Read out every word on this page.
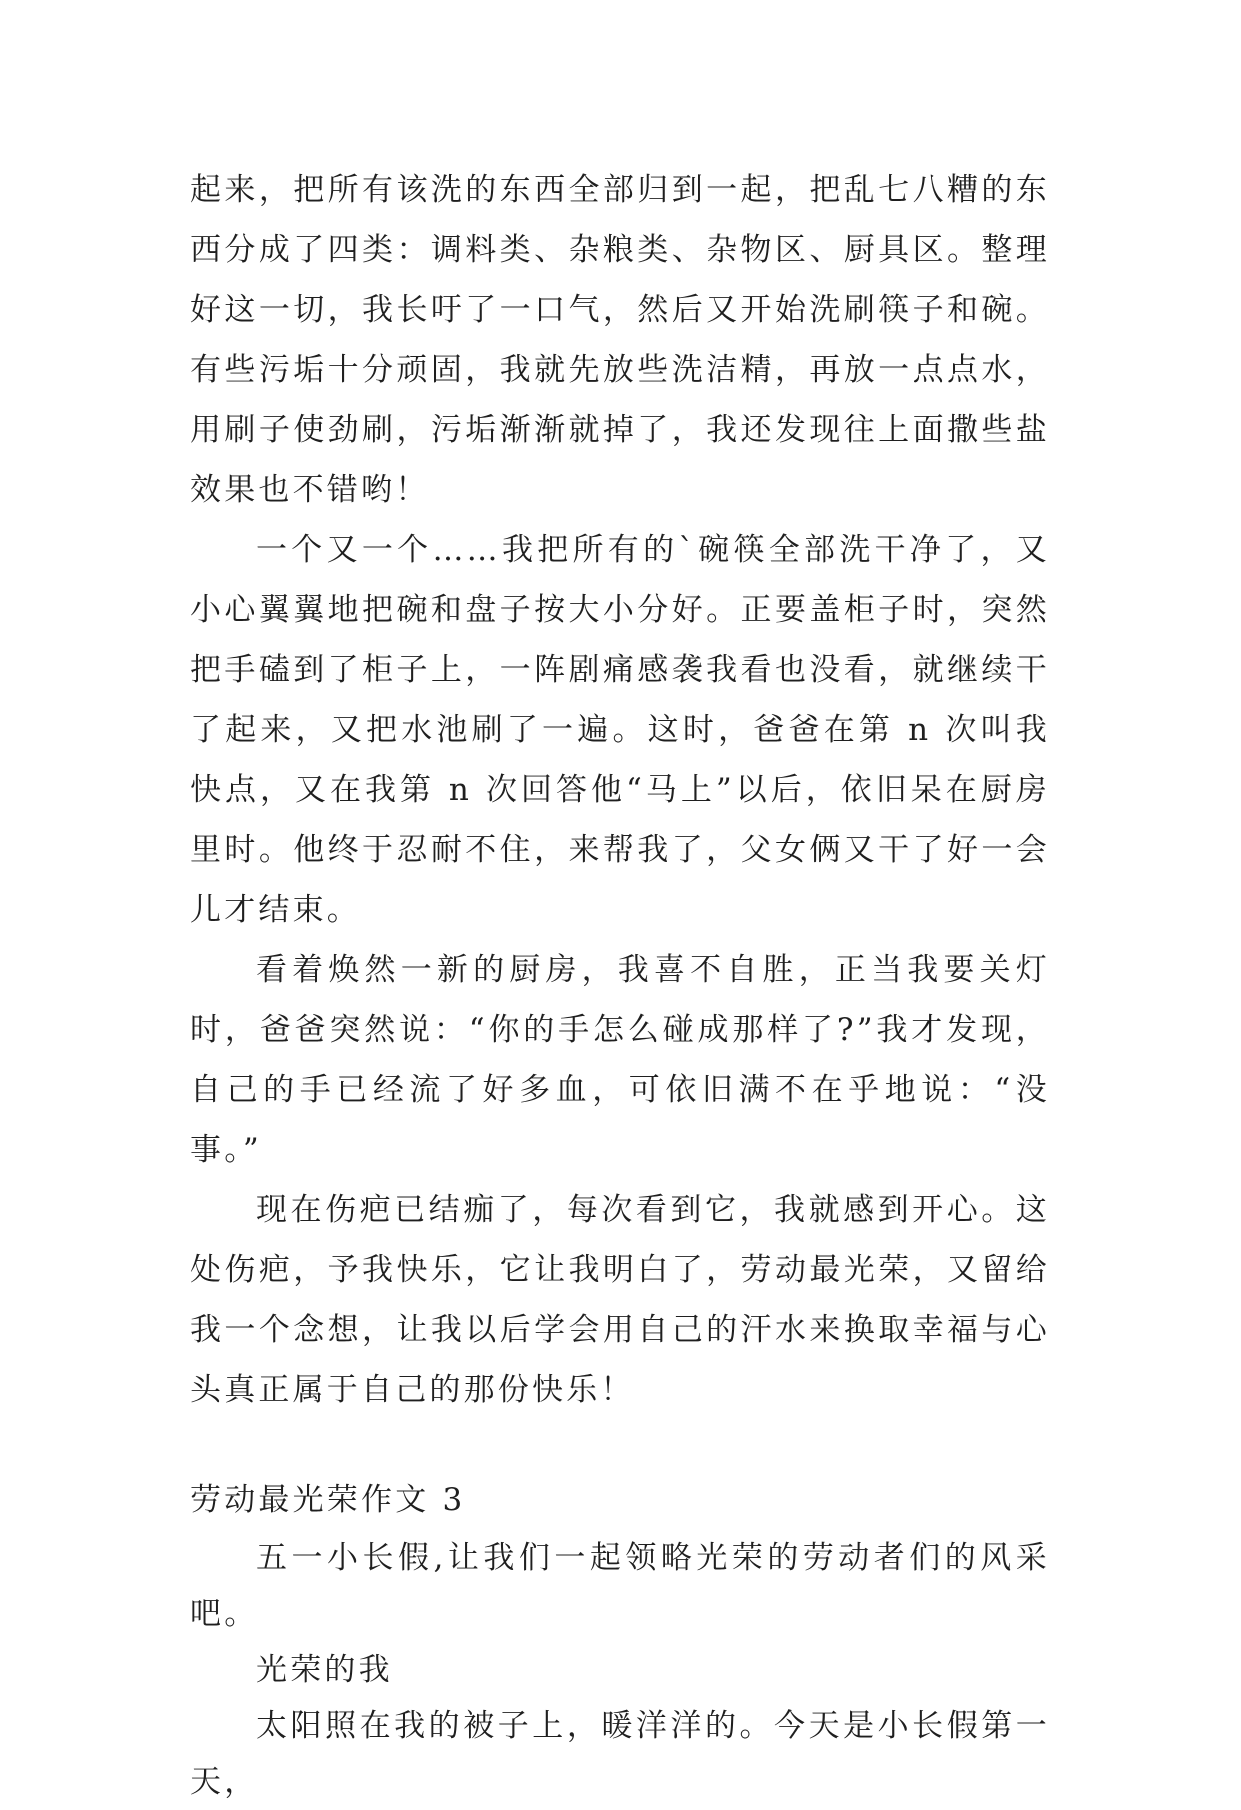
起来，把所有该洗的东西全部归到一起，把乱七八糟的东西分成了四类：调料类、杂粮类、杂物区、厨具区。整理好这一切，我长吁了一口气，然后又开始洗刷筷子和碗。有些污垢十分顽固，我就先放些洗洁精，再放一点点水，用刷子使劲刷，污垢渐渐就掉了，我还发现往上面撒些盐效果也不错哟！

一个又一个……我把所有的`碗筷全部洗干净了，又小心翼翼地把碗和盘子按大小分好。正要盖柜子时，突然把手磕到了柜子上，一阵剧痛感袭我看也没看，就继续干了起来，又把水池刷了一遍。这时，爸爸在第 n 次叫我快点，又在我第 n 次回答他“马上”以后，依旧呆在厨房里时。他终于忍耐不住，来帮我了，父女俩又干了好一会儿才结束。

看着焕然一新的厨房，我喜不自胜，正当我要关灯时，爸爸突然说：“你的手怎么碰成那样了?”我才发现，自己的手已经流了好多血，可依旧满不在乎地说：“没事。”

现在伤疤已结痂了，每次看到它，我就感到开心。这处伤疤，予我快乐，它让我明白了，劳动最光荣，又留给我一个念想，让我以后学会用自己的汗水来换取幸福与心头真正属于自己的那份快乐！

劳动最光荣作文 3

五一小长假,让我们一起领略光荣的劳动者们的风采吧。

光荣的我

太阳照在我的被子上，暖洋洋的。今天是小长假第一天，
